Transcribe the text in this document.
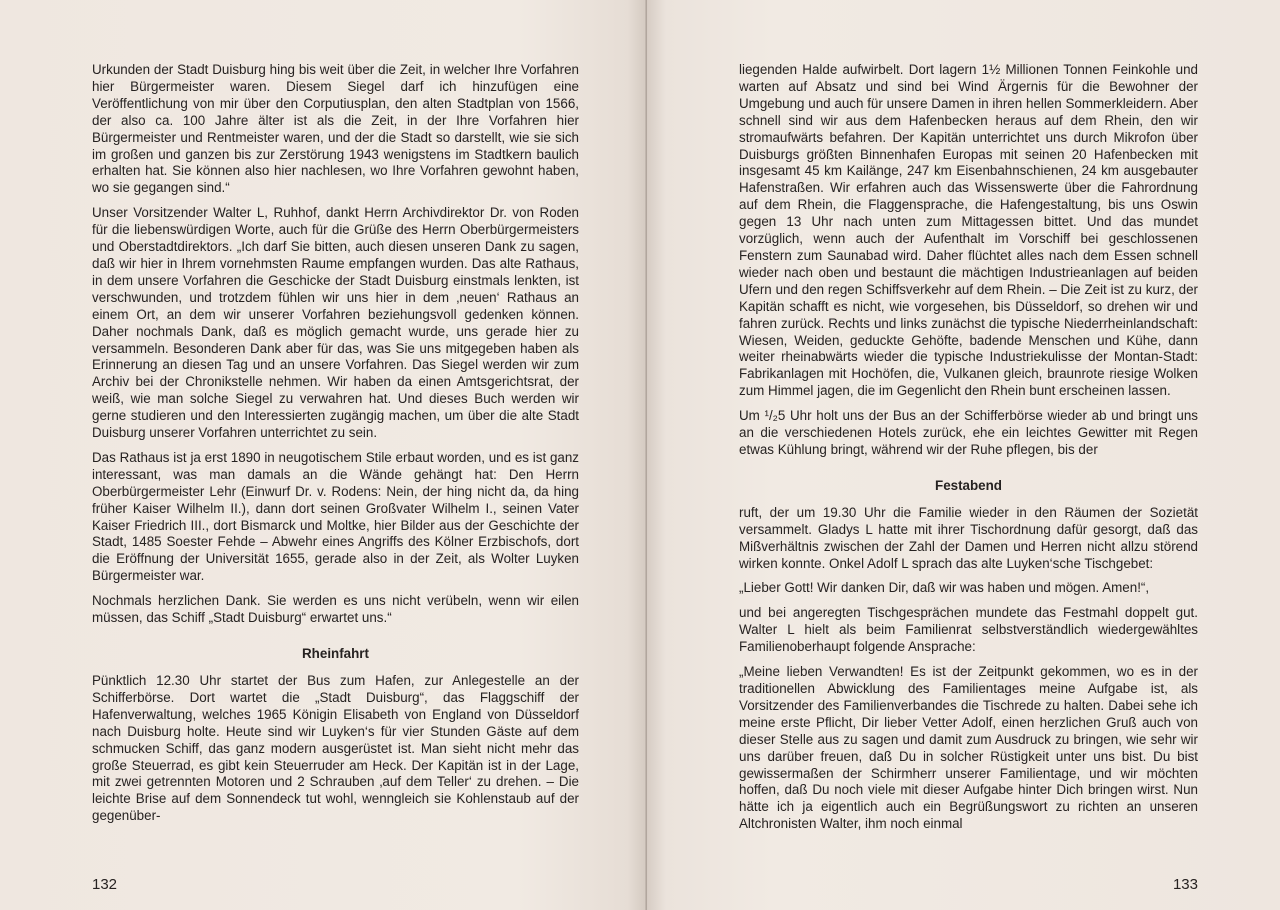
Urkunden der Stadt Duisburg hing bis weit über die Zeit, in welcher Ihre Vorfahren hier Bürgermeister waren. Diesem Siegel darf ich hinzufügen eine Veröffentlichung von mir über den Corputiusplan, den alten Stadtplan von 1566, der also ca. 100 Jahre älter ist als die Zeit, in der Ihre Vorfahren hier Bürgermeister und Rentmeister waren, und der die Stadt so darstellt, wie sie sich im großen und ganzen bis zur Zerstörung 1943 wenigstens im Stadtkern baulich erhalten hat. Sie können also hier nachlesen, wo Ihre Vorfahren gewohnt haben, wo sie gegangen sind.“

Unser Vorsitzender Walter L, Ruhhof, dankt Herrn Archivdirektor Dr. von Roden für die liebenswürdigen Worte, auch für die Grüße des Herrn Oberbürgermeisters und Oberstadtdirektors. „Ich darf Sie bitten, auch diesen unseren Dank zu sagen, daß wir hier in Ihrem vornehmsten Raume empfangen wurden. Das alte Rathaus, in dem unsere Vorfahren die Geschicke der Stadt Duisburg einstmals lenkten, ist verschwunden, und trotzdem fühlen wir uns hier in dem ‚neuen‘ Rathaus an einem Ort, an dem wir unserer Vorfahren beziehungsvoll gedenken können. Daher nochmals Dank, daß es möglich gemacht wurde, uns gerade hier zu versammeln. Besonderen Dank aber für das, was Sie uns mitgegeben haben als Erinnerung an diesen Tag und an unsere Vorfahren. Das Siegel werden wir zum Archiv bei der Chronikstelle nehmen. Wir haben da einen Amtsgerichtsrat, der weiß, wie man solche Siegel zu verwahren hat. Und dieses Buch werden wir gerne studieren und den Interessierten zugängig machen, um über die alte Stadt Duisburg unserer Vorfahren unterrichtet zu sein.

Das Rathaus ist ja erst 1890 in neugotischem Stile erbaut worden, und es ist ganz interessant, was man damals an die Wände gehängt hat: Den Herrn Oberbürgermeister Lehr (Einwurf Dr. v. Rodens: Nein, der hing nicht da, da hing früher Kaiser Wilhelm II.), dann dort seinen Großvater Wilhelm I., seinen Vater Kaiser Friedrich III., dort Bismarck und Moltke, hier Bilder aus der Geschichte der Stadt, 1485 Soester Fehde – Abwehr eines Angriffs des Kölner Erzbischofs, dort die Eröffnung der Universität 1655, gerade also in der Zeit, als Wolter Luyken Bürgermeister war.

Nochmals herzlichen Dank. Sie werden es uns nicht verübeln, wenn wir eilen müssen, das Schiff „Stadt Duisburg“ erwartet uns.“

Rheinfahrt

Pünktlich 12.30 Uhr startet der Bus zum Hafen, zur Anlegestelle an der Schifferbörse. Dort wartet die „Stadt Duisburg“, das Flaggschiff der Hafenverwaltung, welches 1965 Königin Elisabeth von England von Düsseldorf nach Duisburg holte. Heute sind wir Luyken‘s für vier Stunden Gäste auf dem schmucken Schiff, das ganz modern ausgerüstet ist. Man sieht nicht mehr das große Steuerrad, es gibt kein Steuerruder am Heck. Der Kapitän ist in der Lage, mit zwei getrennten Motoren und 2 Schrauben ‚auf dem Teller‘ zu drehen. – Die leichte Brise auf dem Sonnendeck tut wohl, wenngleich sie Kohlenstaub auf der gegenüber-

132

liegenden Halde aufwirbelt. Dort lagern 1½ Millionen Tonnen Feinkohle und warten auf Absatz und sind bei Wind Ärgernis für die Bewohner der Umgebung und auch für unsere Damen in ihren hellen Sommerkleidern. Aber schnell sind wir aus dem Hafenbecken heraus auf dem Rhein, den wir stromaufwärts befahren. Der Kapitän unterrichtet uns durch Mikrofon über Duisburgs größten Binnenhafen Europas mit seinen 20 Hafenbecken mit insgesamt 45 km Kailänge, 247 km Eisenbahnschienen, 24 km ausgebauter Hafenstraßen. Wir erfahren auch das Wissenswerte über die Fahrordnung auf dem Rhein, die Flaggensprache, die Hafengestaltung, bis uns Oswin gegen 13 Uhr nach unten zum Mittagessen bittet. Und das mundet vorzüglich, wenn auch der Aufenthalt im Vorschiff bei geschlossenen Fenstern zum Saunabad wird. Daher flüchtet alles nach dem Essen schnell wieder nach oben und bestaunt die mächtigen Industrieanlagen auf beiden Ufern und den regen Schiffsverkehr auf dem Rhein. – Die Zeit ist zu kurz, der Kapitän schafft es nicht, wie vorgesehen, bis Düsseldorf, so drehen wir und fahren zurück. Rechts und links zunächst die typische Niederrheinlandschaft: Wiesen, Weiden, geduckte Gehöfte, badende Menschen und Kühe, dann weiter rheinabwärts wieder die typische Industriekulisse der Montan-Stadt: Fabrikanlagen mit Hochöfen, die, Vulkanen gleich, braunrote riesige Wolken zum Himmel jagen, die im Gegenlicht den Rhein bunt erscheinen lassen.

Um ¹/₂5 Uhr holt uns der Bus an der Schifferbörse wieder ab und bringt uns an die verschiedenen Hotels zurück, ehe ein leichtes Gewitter mit Regen etwas Kühlung bringt, während wir der Ruhe pflegen, bis der

Festabend

ruft, der um 19.30 Uhr die Familie wieder in den Räumen der Sozietät versammelt. Gladys L hatte mit ihrer Tischordnung dafür gesorgt, daß das Mißverhältnis zwischen der Zahl der Damen und Herren nicht allzu störend wirken konnte. Onkel Adolf L sprach das alte Luyken‘sche Tischgebet:

„Lieber Gott! Wir danken Dir, daß wir was haben und mögen. Amen!“,

und bei angeregten Tischgesprächen mundete das Festmahl doppelt gut. Walter L hielt als beim Familienrat selbstverständlich wiedergewähltes Familienoberhaupt folgende Ansprache:

„Meine lieben Verwandten! Es ist der Zeitpunkt gekommen, wo es in der traditionellen Abwicklung des Familientages meine Aufgabe ist, als Vorsitzender des Familienverbandes die Tischrede zu halten. Dabei sehe ich meine erste Pflicht, Dir lieber Vetter Adolf, einen herzlichen Gruß auch von dieser Stelle aus zu sagen und damit zum Ausdruck zu bringen, wie sehr wir uns darüber freuen, daß Du in solcher Rüstigkeit unter uns bist. Du bist gewissermaßen der Schirmherr unserer Familientage, und wir möchten hoffen, daß Du noch viele mit dieser Aufgabe hinter Dich bringen wirst. Nun hätte ich ja eigentlich auch ein Begrüßungswort zu richten an unseren Altchronisten Walter, ihm noch einmal

133
